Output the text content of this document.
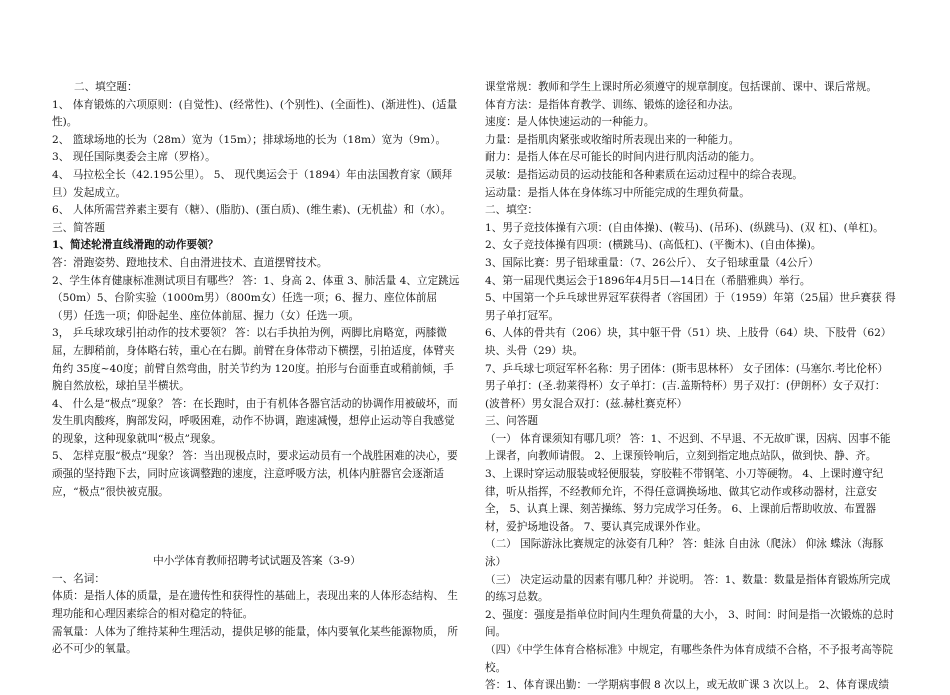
二、填空题：

1、 体育锻炼的六项原则：(自觉性)、(经常性)、(个别性)、(全面性)、(渐进性)、(适量性)。

2、 篮球场地的长为（28m）宽为（15m）；排球场地的长为（18m）宽为（9m）。

3、 现任国际奥委会主席（罗格）。

4、 马拉松全长（42.195公里）。 5、 现代奥运会于（1894）年由法国教育家（顾拜旦）发起成立。

6、 人体所需营养素主要有（糖）、(脂肪)、(蛋白质)、(维生素)、(无机盐）和（水）。 三、简答题

1、简述轮滑直线滑跑的动作要领？

答：滑跑姿势、蹬地技术、自由滑进技术、直道摆臂技术。

2、学生体育健康标准测试项目有哪些？ 答：1、身高 2、体重 3、肺活量 4、立定跳远（50m）5、台阶实验（1000m男）（800m女）任选一项；6、握力、座位体前屈（男）任选一项；仰卧起坐、座位体前屈、握力（女）任选一项。

3， 乒乓球攻球引拍动作的技术要领？ 答：以右手执拍为例，两脚比肩略宽，两膝微屈，左脚稍前，身体略右转，重心在右脚。前臂在身体带动下横摆，引拍适度，体臂夹角约 35度~40度；前臂自然弯曲，肘关节约为 120度。拍形与台面垂直或稍前倾，手腕自然放松，球拍呈半横状。

4、 什么是“极点”现象？ 答：在长跑时，由于有机体各器官活动的协调作用被破坏，而发生肌肉酸疼，胸部发闷，呼吸困难，动作不协调，跑速减慢，想停止运动等自我感觉的现象，这种现象就叫“极点”现象。

5、 怎样克服“极点”现象？ 答：当出现极点时，要求运动员有一个战胜困难的决心，要顽强的坚持跑下去，同时应该调整跑的速度，注意呼吸方法，机体内脏器官会逐渐适应，“极点”很快被克服。

中小学体育教师招聘考试试题及答案（3-9）

一、名词：

体质：是指人体的质量，是在遗传性和获得性的基础上，表现出来的人体形态结构、 生理功能和心理因素综合的相对稳定的特征。

需氧量：人体为了维持某种生理活动，提供足够的能量，体内要氧化某些能源物质， 所必不可少的氧量。

课堂常规：教师和学生上课时所必须遵守的规章制度。包括课前、课中、课后常规。

体育方法：是指体育教学、训练、锻炼的途径和办法。

速度：是人体快速运动的一种能力。

力量：是指肌肉紧张或收缩时所表现出来的一种能力。

耐力：是指人体在尽可能长的时间内进行肌肉活动的能力。

灵敏：是指运动员的运动技能和各种素质在运动过程中的综合表现。

运动量：是指人体在身体练习中所能完成的生理负荷量。

二、填空：

1、男子竞技体操有六项：(自由体操)、(鞍马)、(吊环)、(纵跳马)、(双 杠)、(单杠)。

2、女子竞技体操有四项：(横跳马)、(高低杠)、(平衡木)、(自由体操)。

3、国际比赛：男子铅球重量：（7、26公斤）、 女子铅球重量（4公斤）

4、第一届现代奥运会于1896年4月5日—14日在（希腊雅典）举行。

5、中国第一个乒乓球世界冠军获得者（容国团）于（1959）年第（25届）世乒赛获 得男子单打冠军。

6、人体的骨共有（206）块，其中躯干骨（51）块、上肢骨（64）块、下肢骨（62） 块、头骨（29）块。

7、乒乓球七项冠军杯名称：男子团体：(斯韦思林杯） 女子团体：(马塞尔.考比伦杯） 男子单打：(圣.勃莱得杯）女子单打：(吉.盖斯特杯）男子双打：(伊朗杯）女子双打：(波普杯）男女混合双打：(兹.赫杜赛克杯）

三、问答题

（一） 体育课须知有哪几项？ 答：1、不迟到、不早退、不无故旷课，因病、因事不能上课者，向教师请假。 2、上课预铃响后，立刻到指定地点站队，做到快、静、齐。 3、上课时穿运动服装或轻便服装，穿胶鞋不带钢笔、小刀等硬物。 4、上课时遵守纪律，听从指挥，不经教师允许，不得任意调换场地、做其它动作或移动器材，注意安全， 5、认真上课、刻苦操练、努力完成学习任务。 6、上课前后帮助收放、布置器材，爱护场地设备。 7、要认真完成课外作业。

（二） 国际游泳比赛规定的泳姿有几种？ 答：蛙泳 自由泳（爬泳） 仰泳 蝶泳（海豚泳）

（三） 决定运动量的因素有哪几种？并说明。 答：1、数量：数量是指体育锻炼所完成的练习总数。

2、强度：强度是指单位时间内生理负荷量的大小， 3、时间：时间是指一次锻炼的总时间。

（四）《中学生体育合格标准》中规定，有哪些条件为体育成绩不合格，不予报考高等院校。

答：1、体育课出勤：一学期病事假 8 次以上，或无故旷课 3 次以上。 2、体育课成绩
